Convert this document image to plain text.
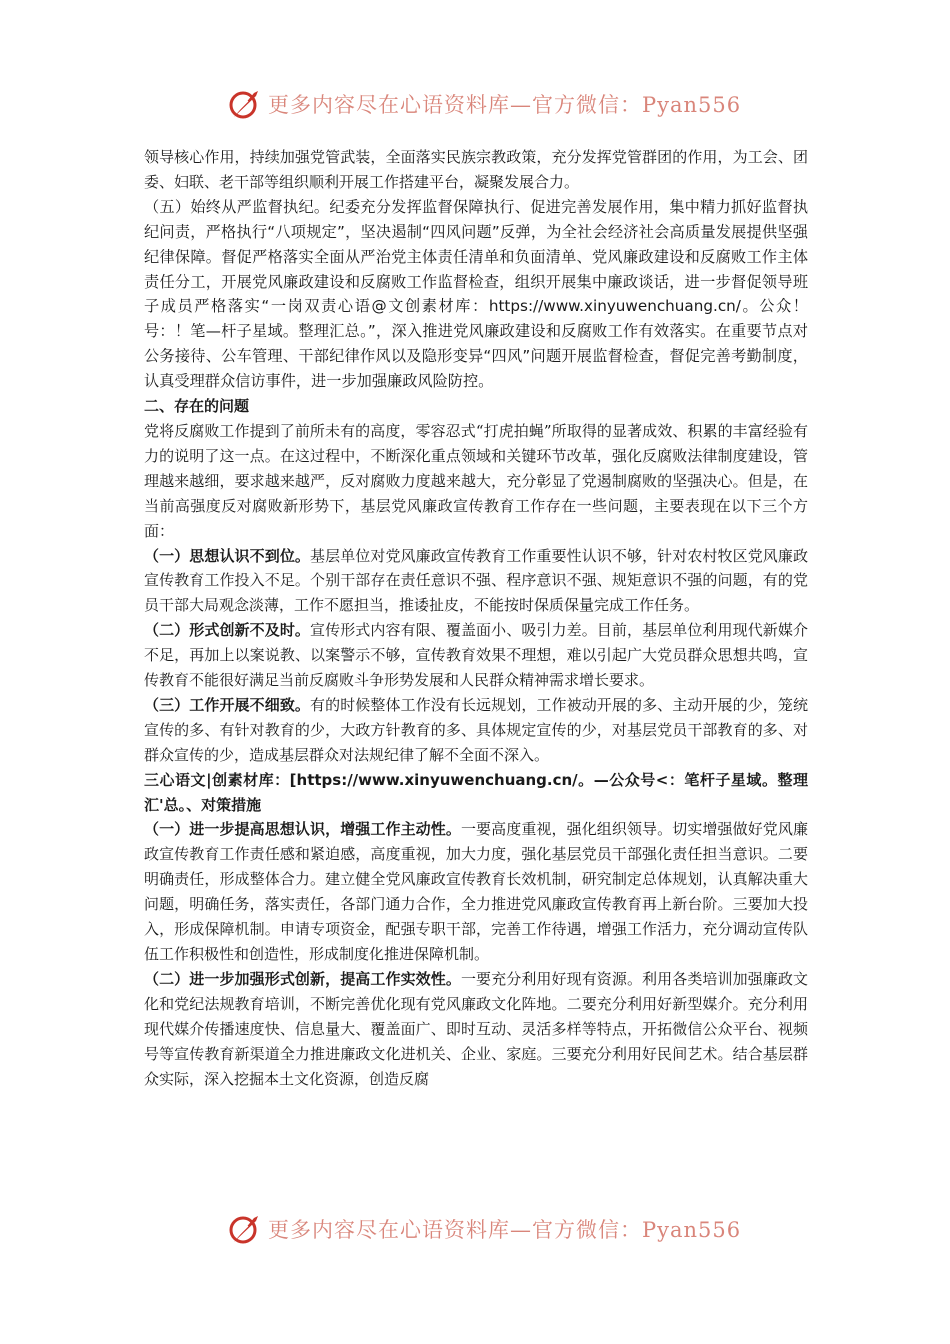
更多内容尽在心语资料库—官方微信：Pyan556

领导核心作用，持续加强党管武装，全面落实民族宗教政策，充分发挥党管群团的作用，为工会、团委、妇联、老干部等组织顺利开展工作搭建平台，凝聚发展合力。

（五）始终从严监督执纪。纪委充分发挥监督保障执行、促进完善发展作用，集中精力抓好监督执纪问责，严格执行“八项规定”，坚决遏制“四风问题”反弹，为全社会经济社会高质量发展提供坚强纪律保障。督促严格落实全面从严治党主体责任清单和负面清单、党风廉政建设和反腐败工作主体责任分工，开展党风廉政建设和反腐败工作监督检查，组织开展集中廉政谈话，进一步督促领导班子成员严格落实“一岗双责心语@文创素材库：https://www.xinyuwenchuang.cn/。公众！号：！笔—杆子星域。整理汇总。”，深入推进党风廉政建设和反腐败工作有效落实。在重要节点对公务接待、公车管理、干部纪律作风以及隐形变异“四风”问题开展监督检查，督促完善考勤制度，认真受理群众信访事件，进一步加强廉政风险防控。

二、存在的问题

党将反腐败工作提到了前所未有的高度，零容忍式“打虎拍蝇”所取得的显著成效、积累的丰富经验有力的说明了这一点。在这过程中，不断深化重点领域和关键环节改革，强化反腐败法律制度建设，管理越来越细，要求越来越严，反对腐败力度越来越大，充分彰显了党遏制腐败的坚强决心。但是，在当前高强度反对腐败新形势下，基层党风廉政宣传教育工作存在一些问题，主要表现在以下三个方面：

（一）思想认识不到位。基层单位对党风廉政宣传教育工作重要性认识不够，针对农村牧区党风廉政宣传教育工作投入不足。个别干部存在责任意识不强、程序意识不强、规矩意识不强的问题，有的党员干部大局观念淡薄，工作不愿担当，推诿扯皮，不能按时保质保量完成工作任务。

（二）形式创新不及时。宣传形式内容有限、覆盖面小、吸引力差。目前，基层单位利用现代新媒介不足，再加上以案说教、以案警示不够，宣传教育效果不理想，难以引起广大党员群众思想共鸣，宣传教育不能很好满足当前反腐败斗争形势发展和人民群众精神需求增长要求。

（三）工作开展不细致。有的时候整体工作没有长远规划，工作被动开展的多、主动开展的少，笼统宣传的多、有针对教育的少，大政方针教育的多、具体规定宣传的少，对基层党员干部教育的多、对群众宣传的少，造成基层群众对法规纪律了解不全面不深入。

三心语文|创素材库：[https://www.xinyuwenchuang.cn/。—公众号<：笔杆子星域。整理汇'总。、对策措施

（一）进一步提高思想认识，增强工作主动性。一要高度重视，强化组织领导。切实增强做好党风廉政宣传教育工作责任感和紧迫感，高度重视，加大力度，强化基层党员干部强化责任担当意识。二要明确责任，形成整体合力。建立健全党风廉政宣传教育长效机制，研究制定总体规划，认真解决重大问题，明确任务，落实责任，各部门通力合作，全力推进党风廉政宣传教育再上新台阶。三要加大投入，形成保障机制。申请专项资金，配强专职干部，完善工作待遇，增强工作活力，充分调动宣传队伍工作积极性和创造性，形成制度化推进保障机制。

（二）进一步加强形式创新，提高工作实效性。一要充分利用好现有资源。利用各类培训加强廉政文化和党纪法规教育培训，不断完善优化现有党风廉政文化阵地。二要充分利用好新型媒介。充分利用现代媒介传播速度快、信息量大、覆盖面广、即时互动、灵活多样等特点，开拓微信公众平台、视频号等宣传教育新渠道全力推进廉政文化进机关、企业、家庭。三要充分利用好民间艺术。结合基层群众实际，深入挖掘本土文化资源，创造反腐

更多内容尽在心语资料库—官方微信：Pyan556
